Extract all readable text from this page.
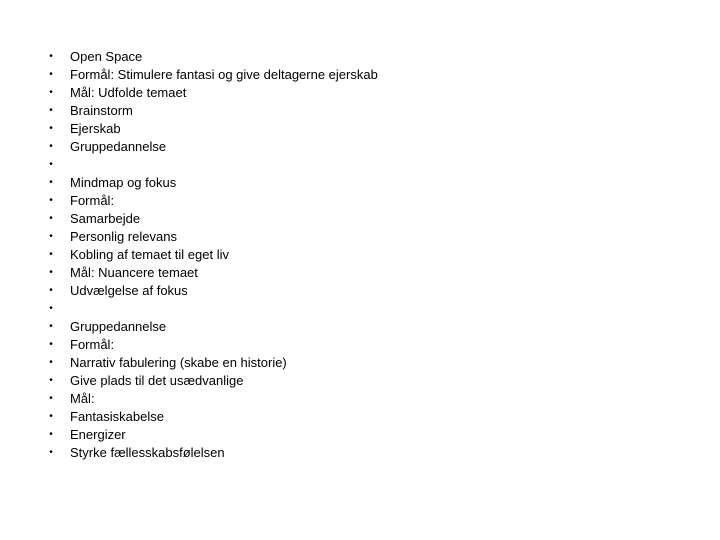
• Open Space
• Formål: Stimulere fantasi og give deltagerne ejerskab
• Mål: Udfolde temaet
• Brainstorm
• Ejerskab
• Gruppedannelse
•
• Mindmap og fokus
• Formål:
• Samarbejde
• Personlig relevans
• Kobling af temaet til eget liv
• Mål: Nuancere temaet
• Udvælgelse af fokus
•
• Gruppedannelse
• Formål:
• Narrativ fabulering (skabe en historie)
• Give plads til det usædvanlige
• Mål:
• Fantasiskabelse
• Energizer
• Styrke fællesskabsfølelsen
